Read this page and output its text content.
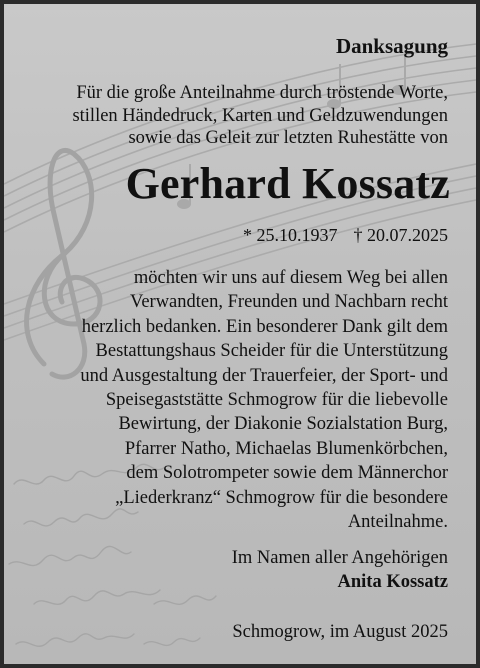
Danksagung
Für die große Anteilnahme durch tröstende Worte,
stillen Händedruck, Karten und Geldzuwendungen
sowie das Geleit zur letzten Ruhestätte von
Gerhard Kossatz
* 25.10.1937 † 20.07.2025
möchten wir uns auf diesem Weg bei allen
Verwandten, Freunden und Nachbarn recht
herzlich bedanken. Ein besonderer Dank gilt dem
Bestattungshaus Scheider für die Unterstützung
und Ausgestaltung der Trauerfeier, der Sport- und
Speisegaststätte Schmogrow für die liebevolle
Bewirtung, der Diakonie Sozialstation Burg,
Pfarrer Natho, Michaelas Blumenkörbchen,
dem Solotrompeter sowie dem Männerchor
„Liederkranz“ Schmogrow für die besondere
Anteilnahme.
Im Namen aller Angehörigen
Anita Kossatz
Schmogrow, im August 2025
